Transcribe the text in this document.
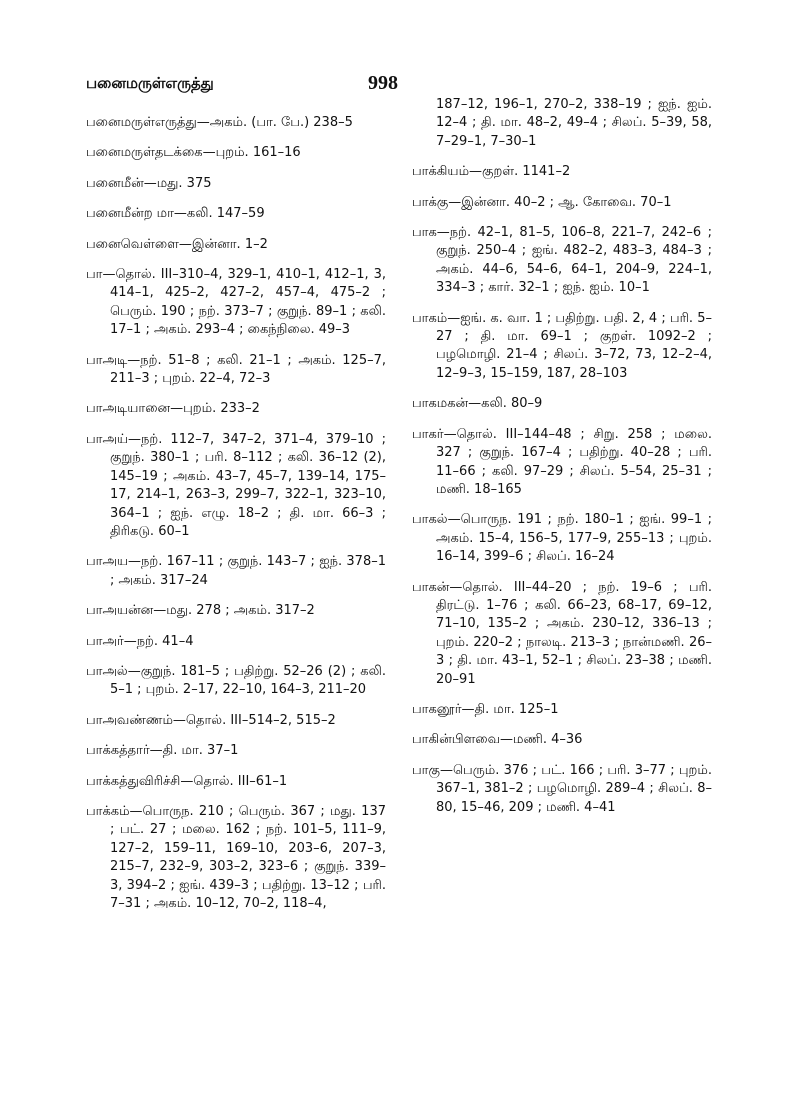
பனைமருள்எருத்து	998

பனைமருள்எருத்து—அகம். (பா. பே.) 238–5

பனைமருள்தடக்கை—புறம். 161–16

பனைமீன்—மது. 375

பனைமீன்ற மா—கலி. 147–59

பனைவெள்ளை—இன்னா. 1–2

பா—தொல். III–310–4, 329–1, 410–1, 412–1, 3, 414–1, 425–2, 427–2, 457–4, 475–2 ; பெரும். 190 ; நற். 373–7 ; குறுந். 89–1 ; கலி. 17–1 ; அகம். 293–4 ; கைந்நிலை. 49–3

பாஅடி—நற். 51–8 ; கலி. 21–1 ; அகம். 125–7, 211–3 ; புறம். 22–4, 72–3

பாஅடியானை—புறம். 233–2

பாஅய்—நற். 112–7, 347–2, 371–4, 379–10 ; குறுந். 380–1 ; பரி. 8–112 ; கலி. 36–12 (2), 145–19 ; அகம். 43–7, 45–7, 139–14, 175–17, 214–1, 263–3, 299–7, 322–1, 323–10, 364–1 ; ஐந். எழு. 18–2 ; தி. மா. 66–3 ; திரிகடு. 60–1

பாஅய—நற். 167–11 ; குறுந். 143–7 ; ஐந். 378–1 ; அகம். 317–24

பாஅயன்ன—மது. 278 ; அகம். 317–2

பாஅர்—நற். 41–4

பாஅல்—குறுந். 181–5 ; பதிற்று. 52–26 (2) ; கலி. 5–1 ; புறம். 2–17, 22–10, 164–3, 211–20

பாஅவண்ணம்—தொல். III–514–2, 515–2

பாக்கத்தார்—தி. மா. 37–1

பாக்கத்துவிரிச்சி—தொல். III–61–1

பாக்கம்—பொருந. 210 ; பெரும். 367 ; மது. 137 ; பட். 27 ; மலை. 162 ; நற். 101–5, 111–9, 127–2, 159–11, 169–10, 203–6, 207–3, 215–7, 232–9, 303–2, 323–6 ; குறுந். 339–3, 394–2 ; ஐங். 439–3 ; பதிற்று. 13–12 ; பரி. 7–31 ; அகம். 10–12, 70–2, 118–4,

187–12, 196–1, 270–2, 338–19 ; ஐந். ஐம். 12–4 ; தி. மா. 48–2, 49–4 ; சிலப். 5–39, 58, 7–29–1, 7–30–1

பாக்கியம்—குறள். 1141–2

பாக்கு—இன்னா. 40–2 ; ஆ. கோவை. 70–1

பாக—நற். 42–1, 81–5, 106–8, 221–7, 242–6 ; குறுந். 250–4 ; ஐங். 482–2, 483–3, 484–3 ; அகம். 44–6, 54–6, 64–1, 204–9, 224–1, 334–3 ; கார். 32–1 ; ஐந். ஐம். 10–1

பாகம்—ஐங். க. வா. 1 ; பதிற்று. பதி. 2, 4 ; பரி. 5–27 ; தி. மா. 69–1 ; குறள். 1092–2 ; பழமொழி. 21–4 ; சிலப். 3–72, 73, 12–2–4, 12–9–3, 15–159, 187, 28–103

பாகமகன்—கலி. 80–9

பாகர்—தொல். III–144–48 ; சிறு. 258 ; மலை. 327 ; குறுந். 167–4 ; பதிற்று. 40–28 ; பரி. 11–66 ; கலி. 97–29 ; சிலப். 5–54, 25–31 ; மணி. 18–165

பாகல்—பொருந. 191 ; நற். 180–1 ; ஐங். 99–1 ; அகம். 15–4, 156–5, 177–9, 255–13 ; புறம். 16–14, 399–6 ; சிலப். 16–24

பாகன்—தொல். III–44–20 ; நற். 19–6 ; பரி. திரட்டு. 1–76 ; கலி. 66–23, 68–17, 69–12, 71–10, 135–2 ; அகம். 230–12, 336–13 ; புறம். 220–2 ; நாலடி. 213–3 ; நான்மணி. 26–3 ; தி. மா. 43–1, 52–1 ; சிலப். 23–38 ; மணி. 20–91

பாகனூர்—தி. மா. 125–1

பாகின்பிளவை—மணி. 4–36

பாகு—பெரும். 376 ; பட். 166 ; பரி. 3–77 ; புறம். 367–1, 381–2 ; பழமொழி. 289–4 ; சிலப். 8–80, 15–46, 209 ; மணி. 4–41
